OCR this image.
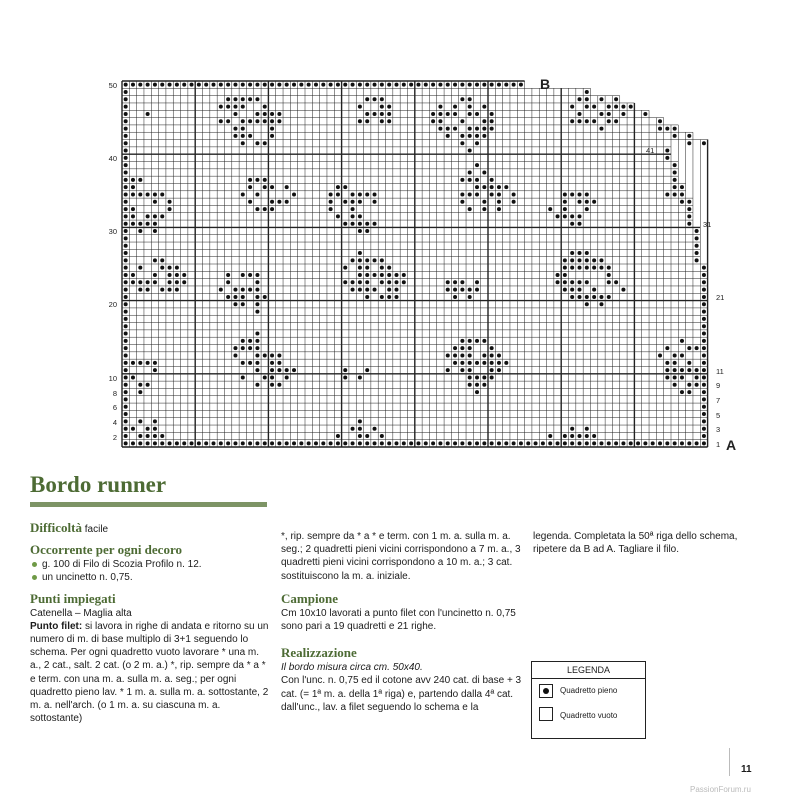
50
40
30
20
10
8
6
4
2
41
31
21
11
9
7
5
3
1
B
A
Bordo runner
Difficoltà facile
Occorrente per ogni decoro
g. 100 di Filo di Scozia Profilo n. 12.
un uncinetto n. 0,75.
Punti impiegati
Catenella – Maglia alta
Punto filet: si lavora in righe di andata e ritorno su un numero di m. di base multiplo di 3+1 seguendo lo schema. Per ogni quadretto vuoto lavorare * una m. a., 2 cat., salt. 2 cat. (o 2 m. a.) *, rip. sempre da * a * e term. con una m. a. sulla m. a. seg.; per ogni quadretto pieno lav. * 1 m. a. sulla m. a. sottostante, 2 m. a. nell'arch. (o 1 m. a. su ciascuna m. a. sottostante)
*, rip. sempre da * a * e term. con 1 m. a. sulla m. a. seg.; 2 quadretti pieni vicini corrispondono a 7 m. a., 3 quadretti pieni vicini corrispondono a 10 m. a.; 3 cat. sostituiscono la m. a. iniziale.
Campione
Cm 10x10 lavorati a punto filet con l'uncinetto n. 0,75 sono pari a 19 quadretti e 21 righe.
Realizzazione
Il bordo misura circa cm. 50x40.
Con l'unc. n. 0,75 ed il cotone avv 240 cat. di base + 3 cat. (= 1ª m. a. della 1ª riga) e, partendo dalla 4ª cat. dall'unc., lav. a filet seguendo lo schema e la
legenda. Completata la 50ª riga dello schema, ripetere da B ad A. Tagliare il filo.
LEGENDA
Quadretto pieno
Quadretto vuoto
11
PassionForum.ru
